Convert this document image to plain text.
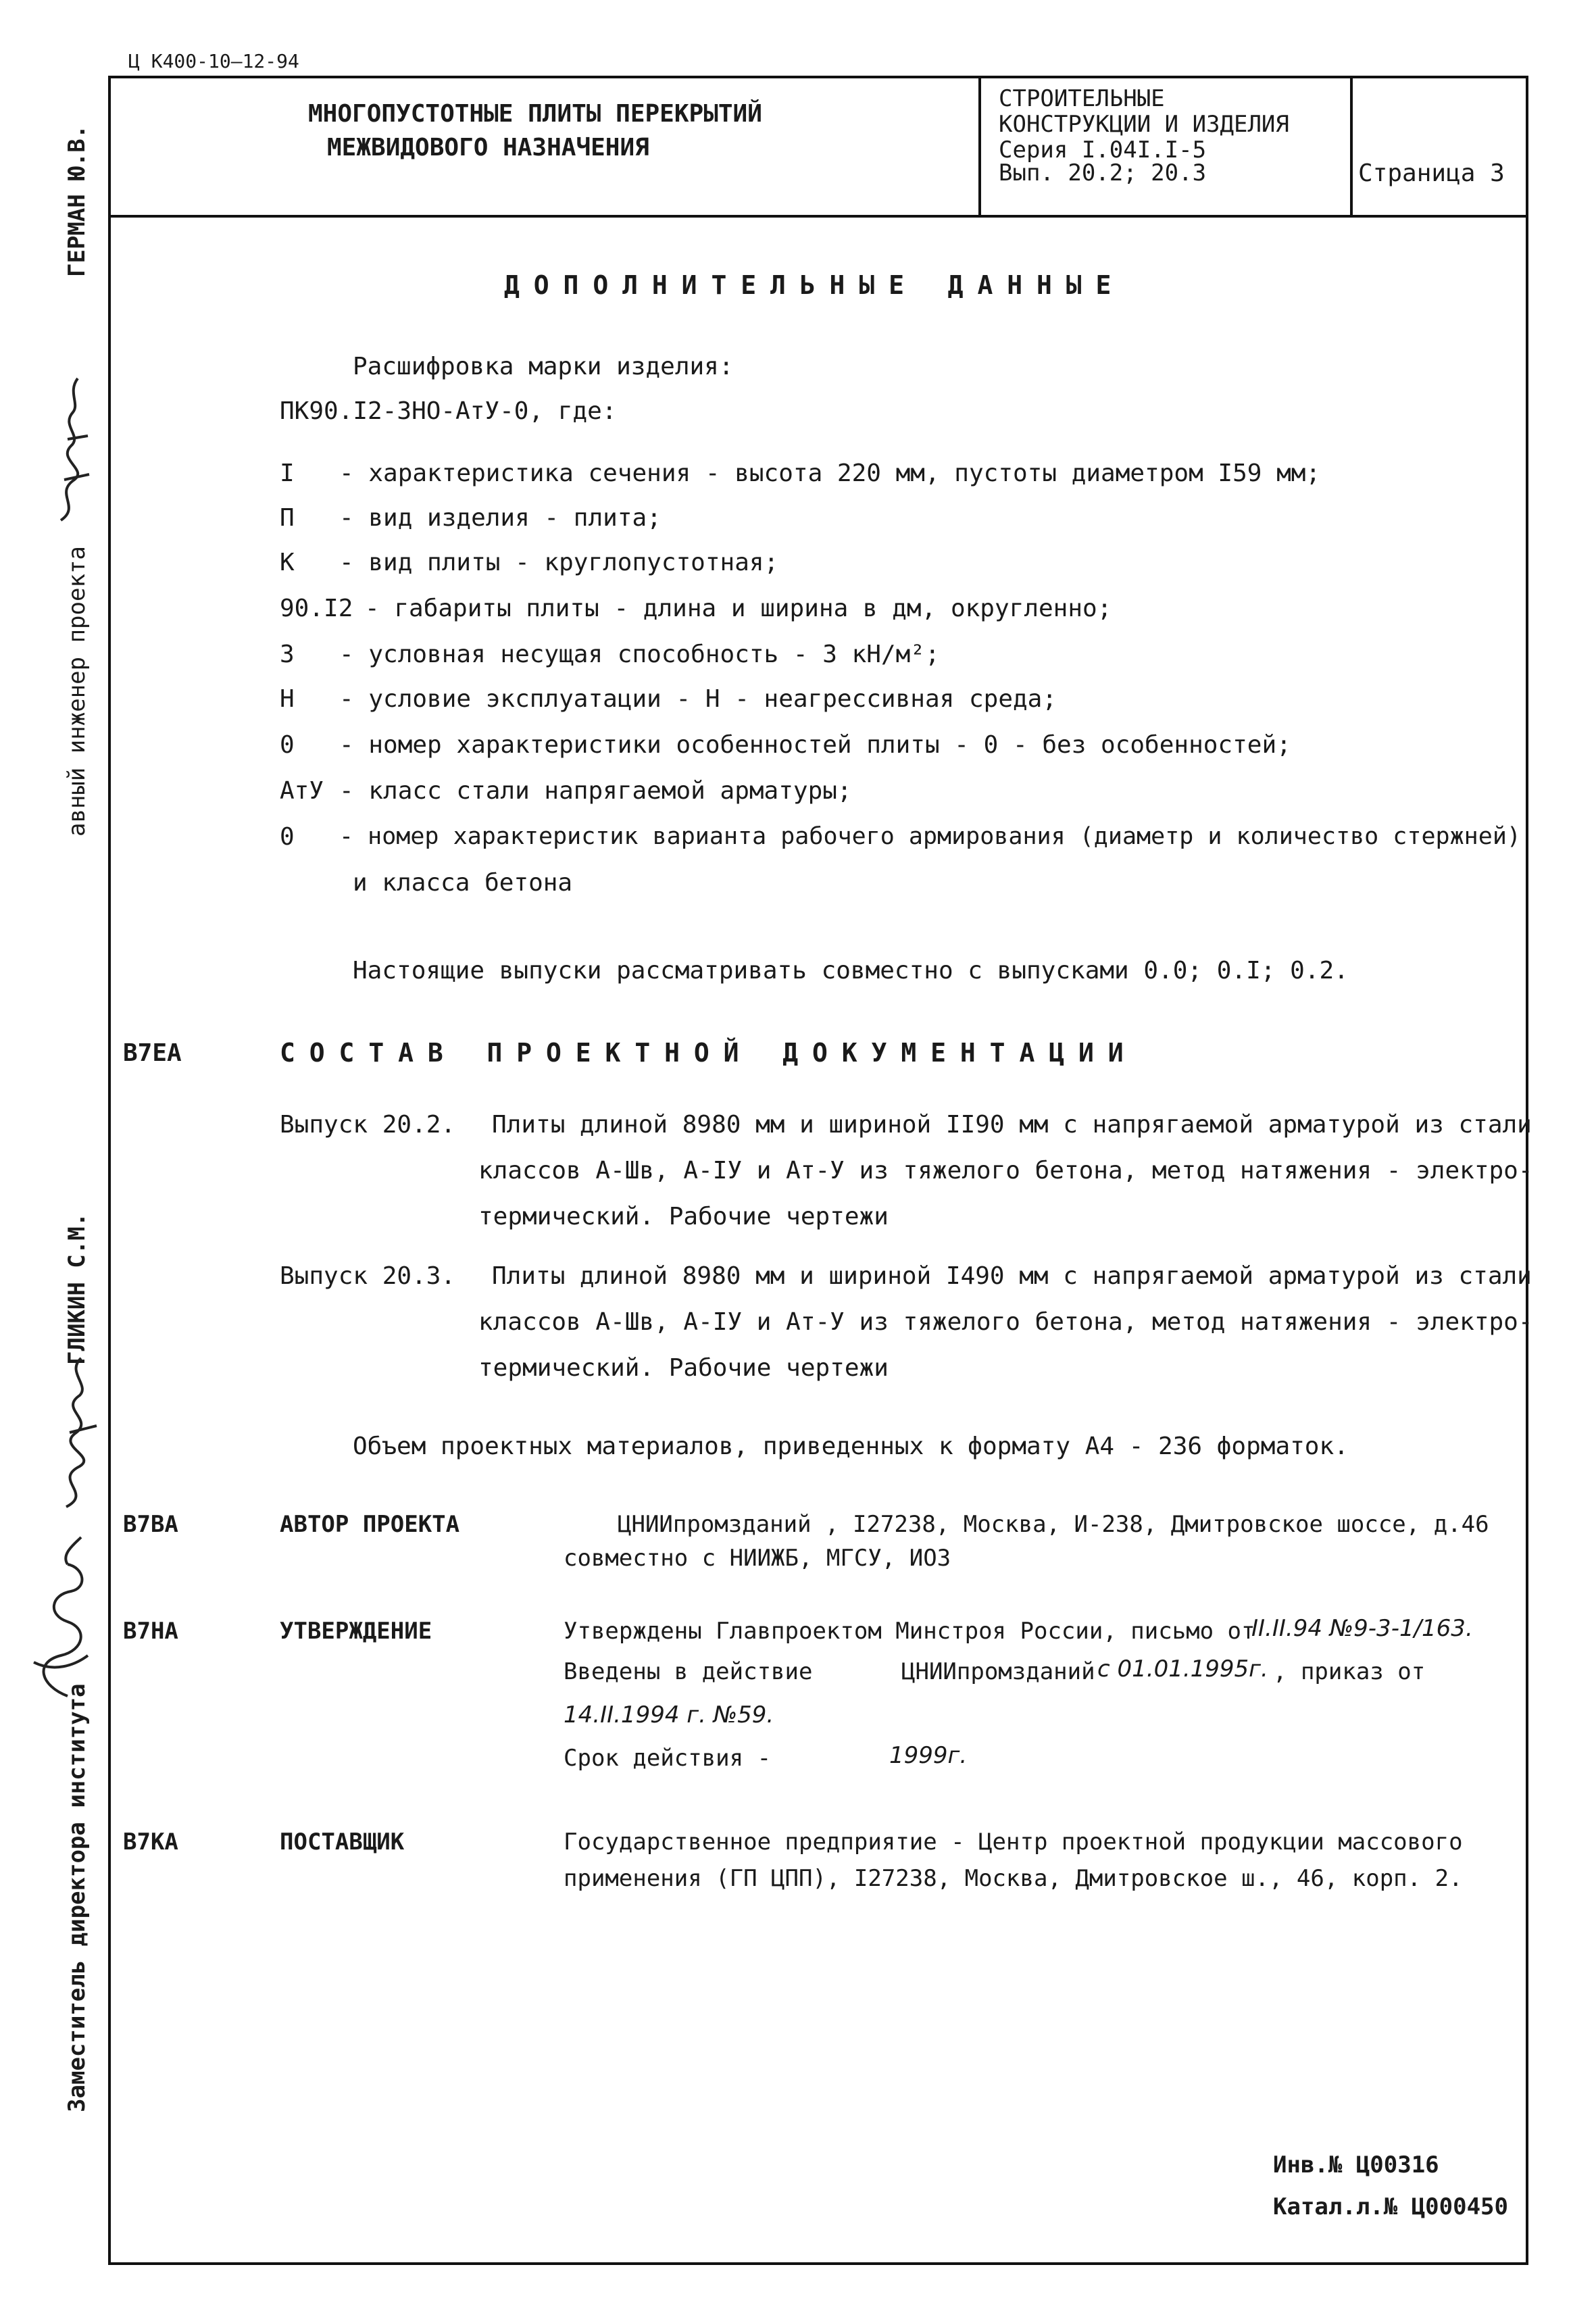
Ц К400-10—12-94
МНОГОПУСТОТНЫЕ ПЛИТЫ ПЕРЕКРЫТИЙ
МЕЖВИДОВОГО НАЗНАЧЕНИЯ
СТРОИТЕЛЬНЫЕ
КОНСТРУКЦИИ И ИЗДЕЛИЯ
Серия I.04I.I-5
Вып. 20.2; 20.3	Страница 3
ДОПОЛНИТЕЛЬНЫЕ ДАННЫЕ
Расшифровка марки изделия:
ПК90.I2-3НО-АтУ-0, где:
I - характеристика сечения - высота 220 мм, пустоты диаметром I59 мм;
П - вид изделия - плита;
К - вид плиты - круглопустотная;
90.I2 - габариты плиты - длина и ширина в дм, округленно;
3 - условная несущая способность - 3 кН/м²;
Н - условие эксплуатации - Н - неагрессивная среда;
0 - номер характеристики особенностей плиты - 0 - без особенностей;
АтУ - класс стали напрягаемой арматуры;
0 - номер характеристик варианта рабочего армирования (диаметр и количество стержней)
и класса бетона
Настоящие выпуски рассматривать совместно с выпусками 0.0; 0.I; 0.2.
В7ЕА	СОСТАВ ПРОЕКТНОЙ ДОКУМЕНТАЦИИ
Выпуск 20.2. Плиты длиной 8980 мм и шириной II90 мм с напрягаемой арматурой из стали
классов А-Шв, А-IУ и Ат-У из тяжелого бетона, метод натяжения - электро-
термический. Рабочие чертежи
Выпуск 20.3. Плиты длиной 8980 мм и шириной I490 мм с напрягаемой арматурой из стали
классов А-Шв, А-IУ и Ат-У из тяжелого бетона, метод натяжения - электро-
термический. Рабочие чертежи
Объем проектных материалов, приведенных к формату А4 - 236 форматок.
В7ВА	АВТОР ПРОЕКТА	ЦНИИпромзданий , I27238, Москва, И-238, Дмитровское шоссе, д.46
совместно с НИИЖБ, МГСУ, ИОЗ
В7НА	УТВЕРЖДЕНИЕ	Утверждены Главпроектом Минстроя России, письмо от
II.II.94 №9-3-1/163.
Введены в действие	ЦНИИпромзданий с 01.01.1995г. , приказ от
14.II.1994 г. №59.
Срок действия -	1999г.
В7КА	ПОСТАВЩИК	Государственное предприятие - Центр проектной продукции массового
применения (ГП ЦПП), I27238, Москва, Дмитровское ш., 46, корп. 2.
Инв.№ Ц00316
Катал.л.№ Ц000450
ГЕРМАН Ю.В.
авный инженер проекта
ГЛИКИН С.М.
Заместитель директора института
